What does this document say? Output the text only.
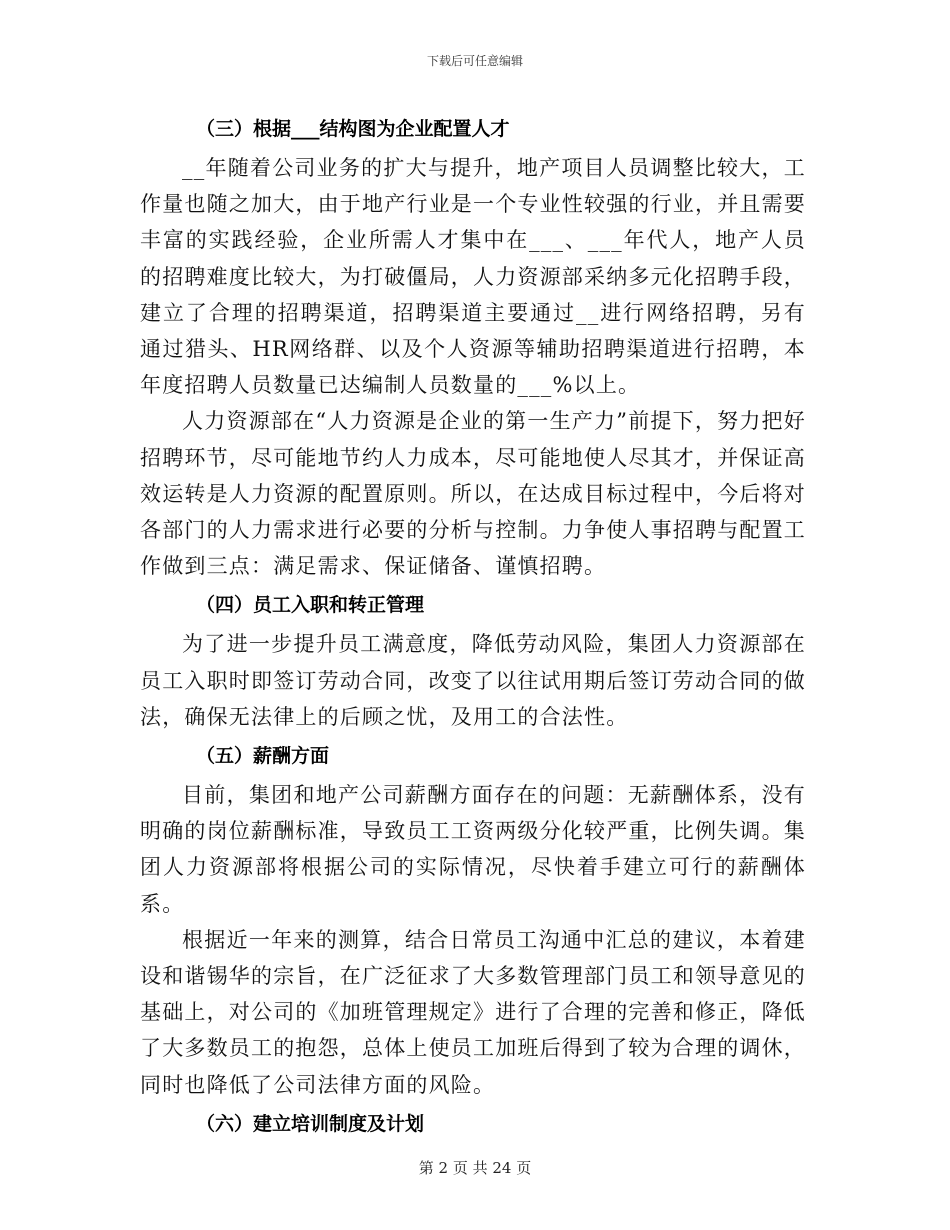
下载后可任意编辑
（三）根据___结构图为企业配置人才

__年随着公司业务的扩大与提升，地产项目人员调整比较大，工作量也随之加大，由于地产行业是一个专业性较强的行业，并且需要丰富的实践经验，企业所需人才集中在___、___年代人，地产人员的招聘难度比较大，为打破僵局，人力资源部采纳多元化招聘手段，建立了合理的招聘渠道，招聘渠道主要通过__进行网络招聘，另有通过猎头、HR网络群、以及个人资源等辅助招聘渠道进行招聘，本年度招聘人员数量已达编制人员数量的___%以上。

人力资源部在“人力资源是企业的第一生产力”前提下，努力把好招聘环节，尽可能地节约人力成本，尽可能地使人尽其才，并保证高效运转是人力资源的配置原则。所以，在达成目标过程中，今后将对各部门的人力需求进行必要的分析与控制。力争使人事招聘与配置工作做到三点：满足需求、保证储备、谨慎招聘。

（四）员工入职和转正管理

为了进一步提升员工满意度，降低劳动风险，集团人力资源部在员工入职时即签订劳动合同，改变了以往试用期后签订劳动合同的做法，确保无法律上的后顾之忧，及用工的合法性。

（五）薪酬方面

目前，集团和地产公司薪酬方面存在的问题：无薪酬体系，没有明确的岗位薪酬标准，导致员工工资两级分化较严重，比例失调。集团人力资源部将根据公司的实际情况，尽快着手建立可行的薪酬体系。

根据近一年来的测算，结合日常员工沟通中汇总的建议，本着建设和谐锡华的宗旨，在广泛征求了大多数管理部门员工和领导意见的基础上，对公司的《加班管理规定》进行了合理的完善和修正，降低了大多数员工的抱怨，总体上使员工加班后得到了较为合理的调休，同时也降低了公司法律方面的风险。

（六）建立培训制度及计划
第 2 页 共 24 页
